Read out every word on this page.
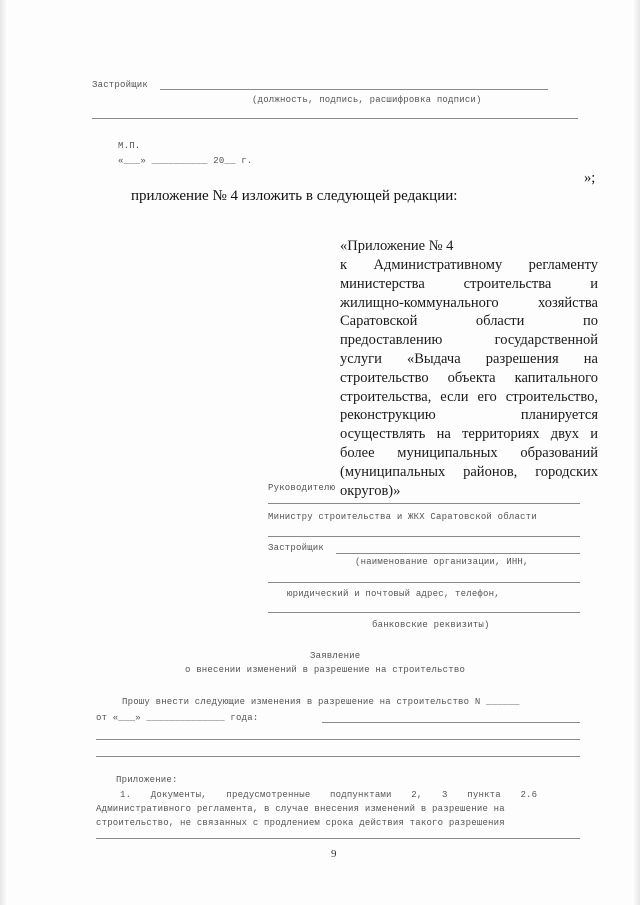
Застройщик
(должность, подпись, расшифровка подписи)
М.П.
«___» __________ 20__ г.
»;
приложение № 4 изложить в следующей редакции:
«Приложение № 4
к Административному регламенту
министерства строительства и
жилищно-коммунального хозяйства
Саратовской области по
предоставлению государственной
услуги «Выдача разрешения на
строительство объекта капитального
строительства, если его строительство,
реконструкцию планируется
осуществлять на территориях двух и
более муниципальных образований
(муниципальных районов, городских
округов)»
Руководителю
Министру строительства и ЖКХ Саратовской области
Застройщик
(наименование организации, ИНН,
юридический и почтовый адрес, телефон,
банковские реквизиты)
Заявление
о внесении изменений в разрешение на строительство
Прошу внести следующие изменения в разрешение на строительство N ______
от «___» ______________ года:
Приложение:
1. Документы, предусмотренные подпунктами 2, 3 пункта 2.6
Административного регламента, в случае внесения изменений в разрешение на
строительство, не связанных с продлением срока действия такого разрешения
9
